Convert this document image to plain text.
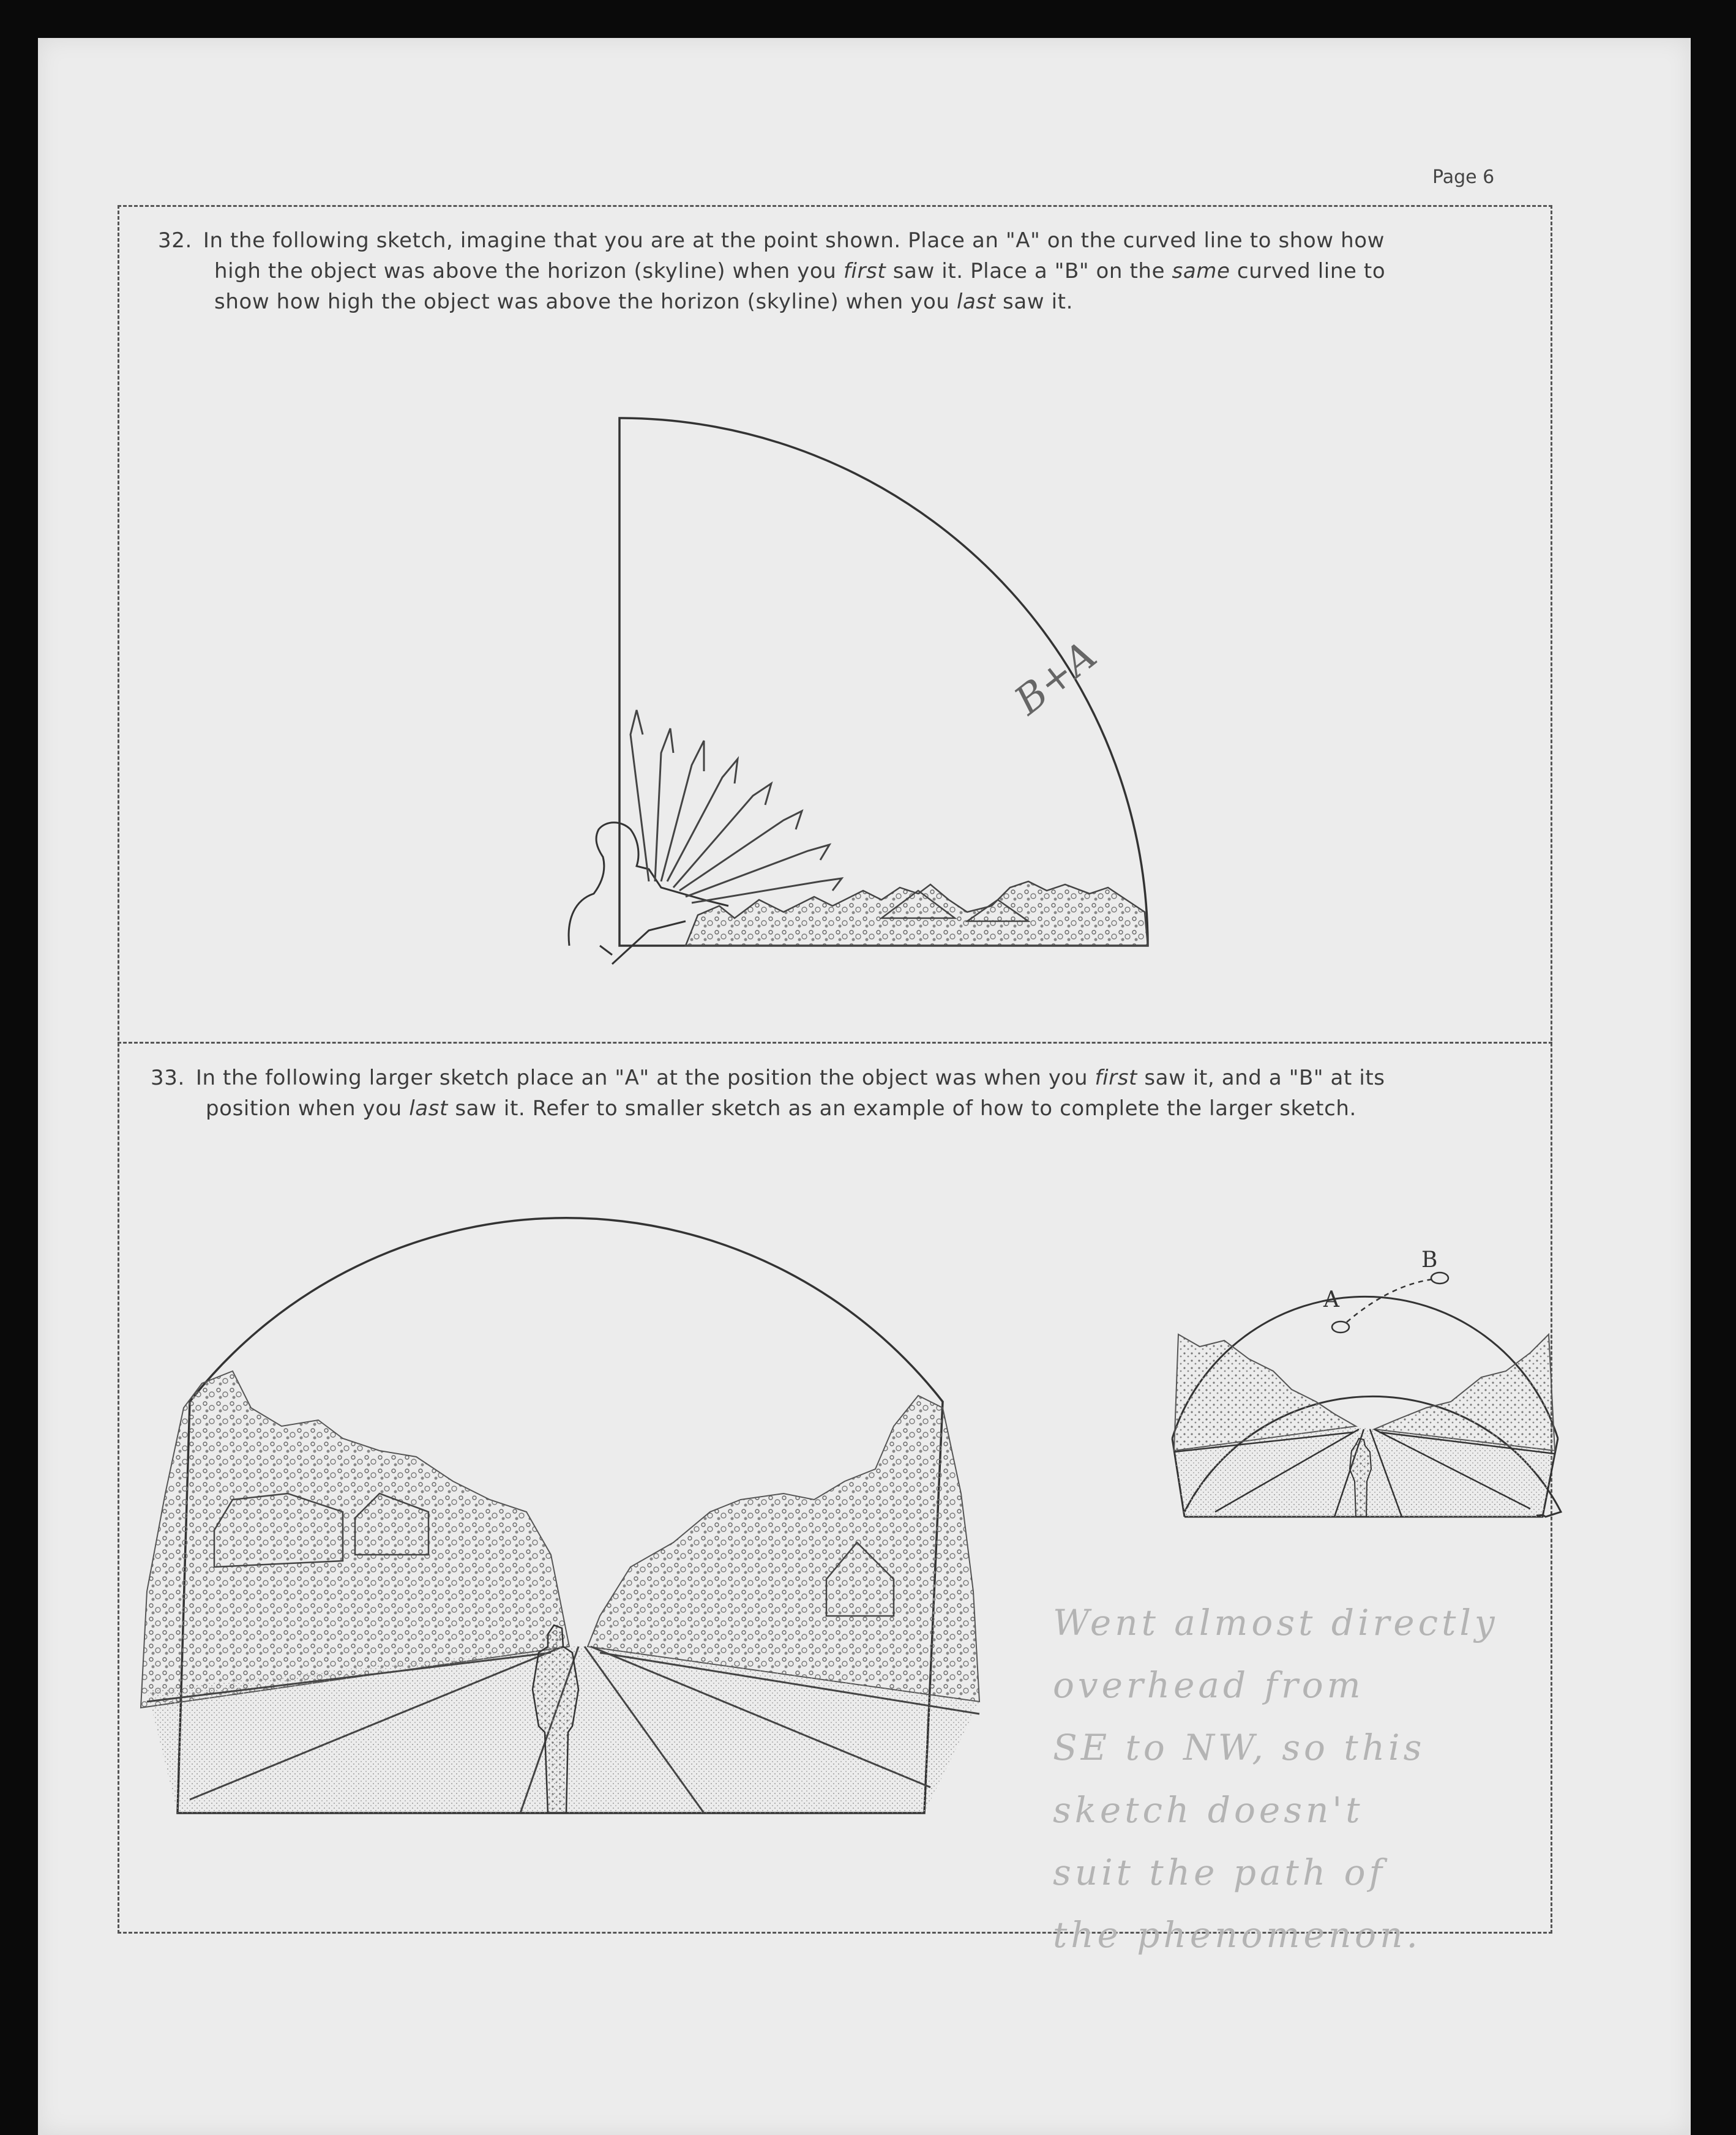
Page 6
32. In the following sketch, imagine that you are at the point shown. Place an "A" on the curved line to show how
high the object was above the horizon (skyline) when you first saw it. Place a "B" on the same curved line to
show how high the object was above the horizon (skyline) when you last saw it.
33. In the following larger sketch place an "A" at the position the object was when you first saw it, and a "B" at its
position when you last saw it. Refer to smaller sketch as an example of how to complete the larger sketch.
B+A
A
B
Went almost directly
overhead from
SE to NW, so this
sketch doesn't
suit the path of
the phenomenon.
